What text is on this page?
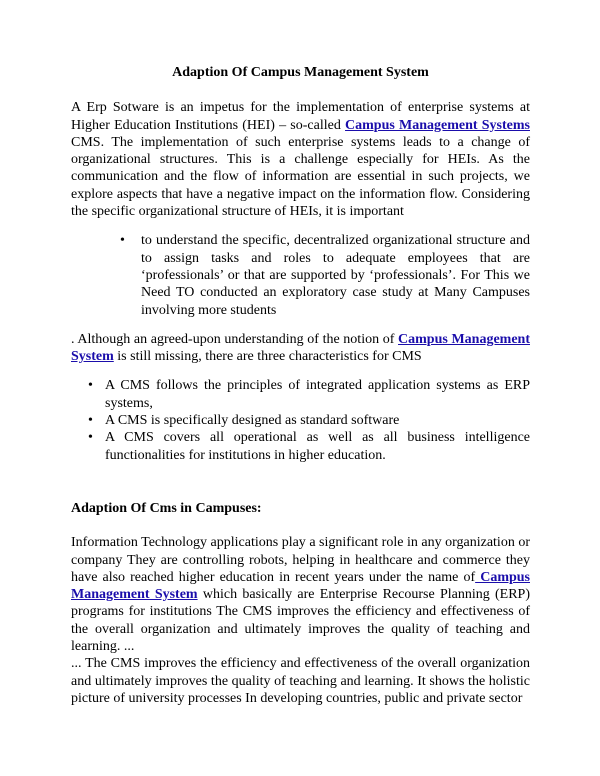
Adaption Of Campus Management System

A Erp Sotware is an impetus for the implementation of enterprise systems at Higher Education Institutions (HEI) – so-called Campus Management Systems CMS. The implementation of such enterprise systems leads to a change of organizational structures. This is a challenge especially for HEIs. As the communication and the flow of information are essential in such projects, we explore aspects that have a negative impact on the information flow. Considering the specific organizational structure of HEIs, it is important

• to understand the specific, decentralized organizational structure and to assign tasks and roles to adequate employees that are ‘professionals’ or that are supported by ‘professionals’. For This we Need TO conducted an exploratory case study at Many Campuses involving more students

. Although an agreed-upon understanding of the notion of Campus Management System is still missing, there are three characteristics for CMS

• A CMS follows the principles of integrated application systems as ERP systems,
• A CMS is specifically designed as standard software
• A CMS covers all operational as well as all business intelligence functionalities for institutions in higher education.
Adaption Of Cms in Campuses:

Information Technology applications play a significant role in any organization or company They are controlling robots, helping in healthcare and commerce they have also reached higher education in recent years under the name of Campus Management System which basically are Enterprise Recourse Planning (ERP) programs for institutions The CMS improves the efficiency and effectiveness of the overall organization and ultimately improves the quality of teaching and learning. ...

... The CMS improves the efficiency and effectiveness of the overall organization and ultimately improves the quality of teaching and learning. It shows the holistic picture of university processes In developing countries, public and private sector
